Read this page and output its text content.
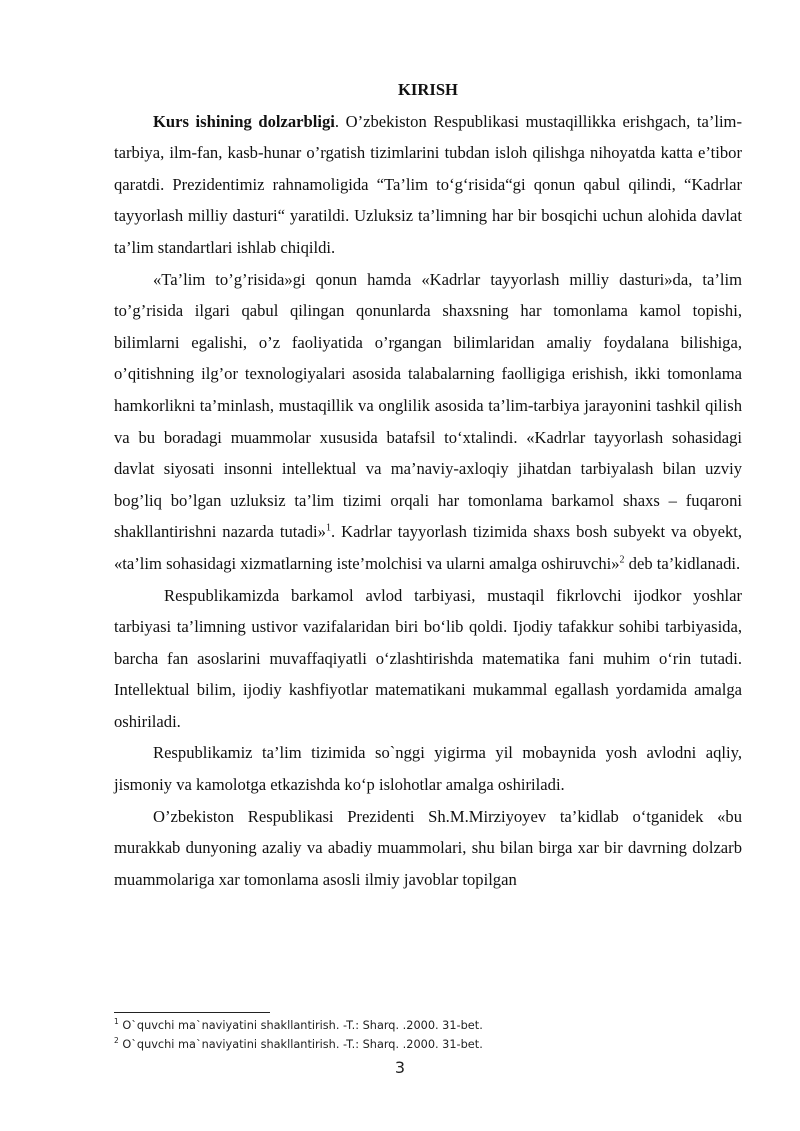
KIRISH

Kurs ishining dolzarbligi. O’zbekiston Respublikasi mustaqillikka erishgach, ta’lim-tarbiya, ilm-fan, kasb-hunar o’rgatish tizimlarini tubdan isloh qilishga nihoyatda katta e’tibor qaratdi. Prezidentimiz rahnamoligida “Ta’lim to‘g‘risida“gi qonun qabul qilindi, “Kadrlar tayyorlash milliy dasturi“ yaratildi. Uzluksiz ta’limning har bir bosqichi uchun alohida davlat ta’lim standartlari ishlab chiqildi.

«Ta’lim to’g’risida»gi qonun hamda «Kadrlar tayyorlash milliy dasturi»da, ta’lim to’g’risida ilgari qabul qilingan qonunlarda shaxsning har tomonlama kamol topishi, bilimlarni egalishi, o’z faoliyatida o’rgangan bilimlaridan amaliy foydalana bilishiga, o’qitishning ilg’or texnologiyalari asosida talabalarning faolligiga erishish, ikki tomonlama hamkorlikni ta’minlash, mustaqillik va onglilik asosida ta’lim-tarbiya jarayonini tashkil qilish va bu boradagi muammolar xususida batafsil to‘xtalindi. «Kadrlar tayyorlash sohasidagi davlat siyosati insonni intellektual va ma’naviy-axloqiy jihatdan tarbiyalash bilan uzviy bog’liq bo’lgan uzluksiz ta’lim tizimi orqali har tomonlama barkamol shaxs – fuqaroni shakllantirishni nazarda tutadi»$^1$. Kadrlar tayyorlash tizimida shaxs bosh subyekt va obyekt, «ta’lim sohasidagi xizmatlarning iste’molchisi va ularni amalga oshiruvchi»$^2$ deb ta’kidlanadi.

Respublikamizda barkamol avlod tarbiyasi, mustaqil fikrlovchi ijodkor yoshlar tarbiyasi ta’limning ustivor vazifalaridan biri bo‘lib qoldi. Ijodiy tafakkur sohibi tarbiyasida, barcha fan asoslarini muvaffaqiyatli o‘zlashtirishda matematika fani muhim o‘rin tutadi. Intellektual bilim, ijodiy kashfiyotlar matematikani mukammal egallash yordamida amalga oshiriladi.

Respublikamiz ta’lim tizimida so`nggi yigirma yil mobaynida yosh avlodni aqliy, jismoniy va kamolotga etkazishda ko‘p islohotlar amalga oshiriladi.

O’zbekiston Respublikasi Prezidenti Sh.M.Mirziyoyev ta’kidlab o‘tganidek «bu murakkab dunyoning azaliy va abadiy muammolari, shu bilan birga xar bir davrning dolzarb muammolariga xar tomonlama asosli ilmiy javoblar topilgan

$^1$ O`quvchi ma`naviyatini shakllantirish. -T.: Sharq. .2000. 31-bet.
$^2$ O`quvchi ma`naviyatini shakllantirish. -T.: Sharq. .2000. 31-bet.
3
